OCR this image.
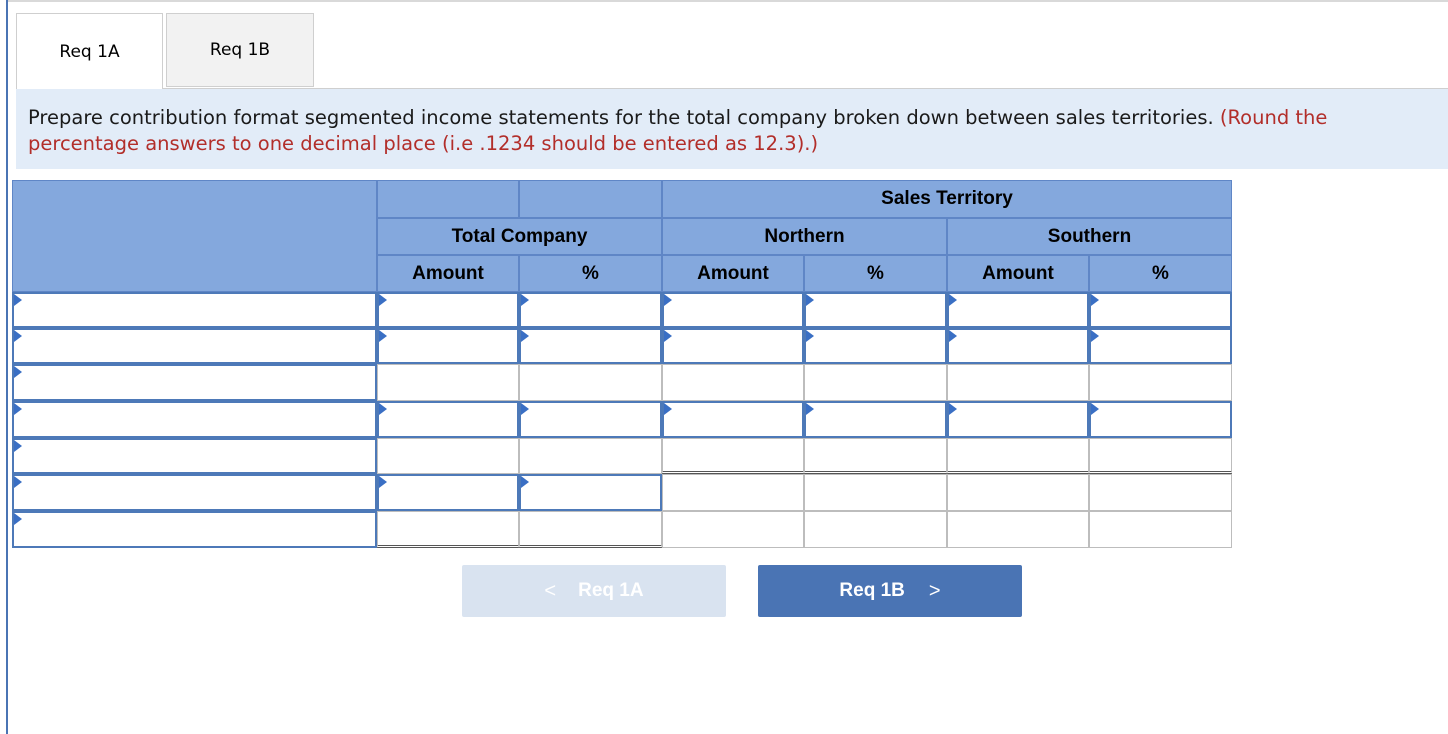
Req 1A	Req 1B
Prepare contribution format segmented income statements for the total company broken down between sales territories. (Round the percentage answers to one decimal place (i.e .1234 should be entered as 12.3).)
Sales Territory
Total Company	Northern	Southern
Amount	%	Amount	%	Amount	%
< Req 1A	Req 1B >
